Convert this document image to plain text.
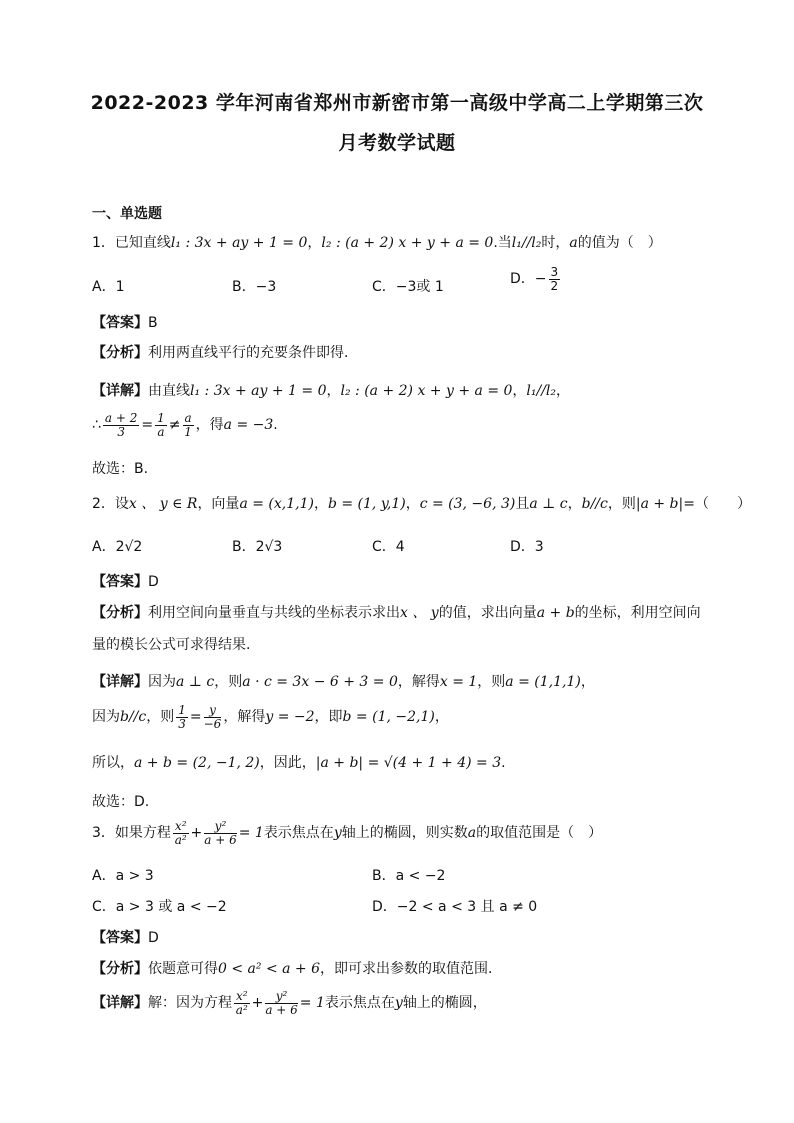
2022-2023 学年河南省郑州市新密市第一高级中学高二上学期第三次
月考数学试题
一、单选题
1．已知直线l₁ : 3x + ay + 1 = 0，l₂ : (a + 2) x + y + a = 0.当l₁//l₂时，a的值为（　）
A．1	B．−3	C．−3或 1	D．− $\frac{3}{2}$
【答案】B
【分析】利用两直线平行的充要条件即得.
【详解】由直线l₁ : 3x + ay + 1 = 0，l₂ : (a + 2) x + y + a = 0，l₁//l₂，
∴ $\frac{a + 2}{3} = \frac{1}{a} \ne \frac{a}{1}$ ，得a = −3.
故选：B.
2．设x 、 y ∈ R，向量a = (x,1,1)，b = (1, y,1)，c = (3, −6, 3)且a ⊥ c，b//c，则|a + b|=（　　）
A．2√2	B．2√3	C．4	D．3
【答案】D
【分析】利用空间向量垂直与共线的坐标表示求出x 、 y的值，求出向量a + b的坐标，利用空间向
量的模长公式可求得结果.
【详解】因为a ⊥ c，则a · c = 3x − 6 + 3 = 0，解得x = 1，则a = (1,1,1)，
因为b//c，则 $\frac{1}{3} = \frac{y}{-6}$ ，解得y = −2，即b = (1, −2,1)，
所以，a + b = (2, −1, 2)，因此，|a + b| = √(4 + 1 + 4) = 3.
故选：D.
3．如果方程 $\frac{\text{x²}}{\text{a²}} + \frac{\text{y²}}{a + 6} = 1$表示焦点在y轴上的椭圆，则实数a的取值范围是（　）
A．a > 3	B．a < −2
C．a > 3 或 a < −2	D．−2 < a < 3 且 a ≠ 0
【答案】D
【分析】依题意可得0 < a² < a + 6，即可求出参数的取值范围.
【详解】解：因为方程 $\frac{\text{x²}}{\text{a²}} + \frac{\text{y²}}{a + 6} = 1$表示焦点在y轴上的椭圆，
